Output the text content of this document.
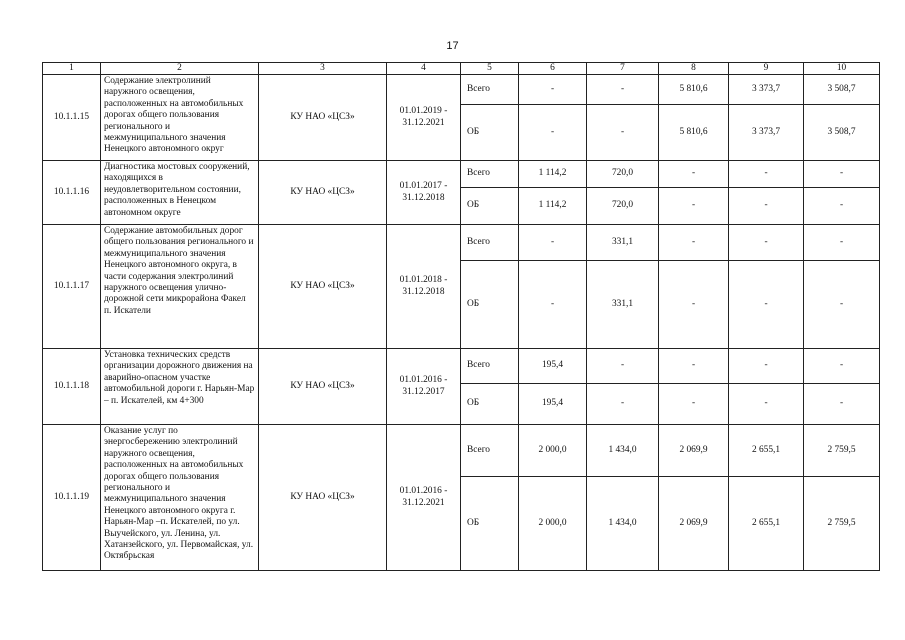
17
1	2	3	4	5	6	7	8	9	10
10.1.1.15	Содержание электролиний наружного освещения, расположенных на автомобильных дорогах общего пользования регионального и межмуниципального значения Ненецкого автономного округ	КУ НАО «ЦСЗ»	01.01.2019 - 31.12.2021	Всего	-	-	5 810,6	3 373,7	3 508,7
				ОБ	-	-	5 810,6	3 373,7	3 508,7
10.1.1.16	Диагностика мостовых сооружений, находящихся в неудовлетворительном состоянии, расположенных в Ненецком автономном округе	КУ НАО «ЦСЗ»	01.01.2017 - 31.12.2018	Всего	1 114,2	720,0	-	-	-
				ОБ	1 114,2	720,0	-	-	-
10.1.1.17	Содержание автомобильных дорог общего пользования регионального и межмуниципального значения Ненецкого автономного округа, в части содержания электролиний наружного освещения улично-дорожной сети микрорайона Факел п. Искатели	КУ НАО «ЦСЗ»	01.01.2018 - 31.12.2018	Всего	-	331,1	-	-	-
				ОБ	-	331,1	-	-	-
10.1.1.18	Установка технических средств организации дорожного движения на аварийно-опасном участке автомобильной дороги г. Нарьян-Мар – п. Искателей, км 4+300	КУ НАО «ЦСЗ»	01.01.2016 - 31.12.2017	Всего	195,4	-	-	-	-
				ОБ	195,4	-	-	-	-
10.1.1.19	Оказание услуг по энергосбережению электролиний наружного освещения, расположенных на автомобильных дорогах общего пользования регионального и межмуниципального значения Ненецкого автономного округа г. Нарьян-Мар –п. Искателей, по ул. Выучейского, ул. Ленина, ул. Хатанзейского, ул. Первомайская, ул. Октябрьская	КУ НАО «ЦСЗ»	01.01.2016 - 31.12.2021	Всего	2 000,0	1 434,0	2 069,9	2 655,1	2 759,5
				ОБ	2 000,0	1 434,0	2 069,9	2 655,1	2 759,5
